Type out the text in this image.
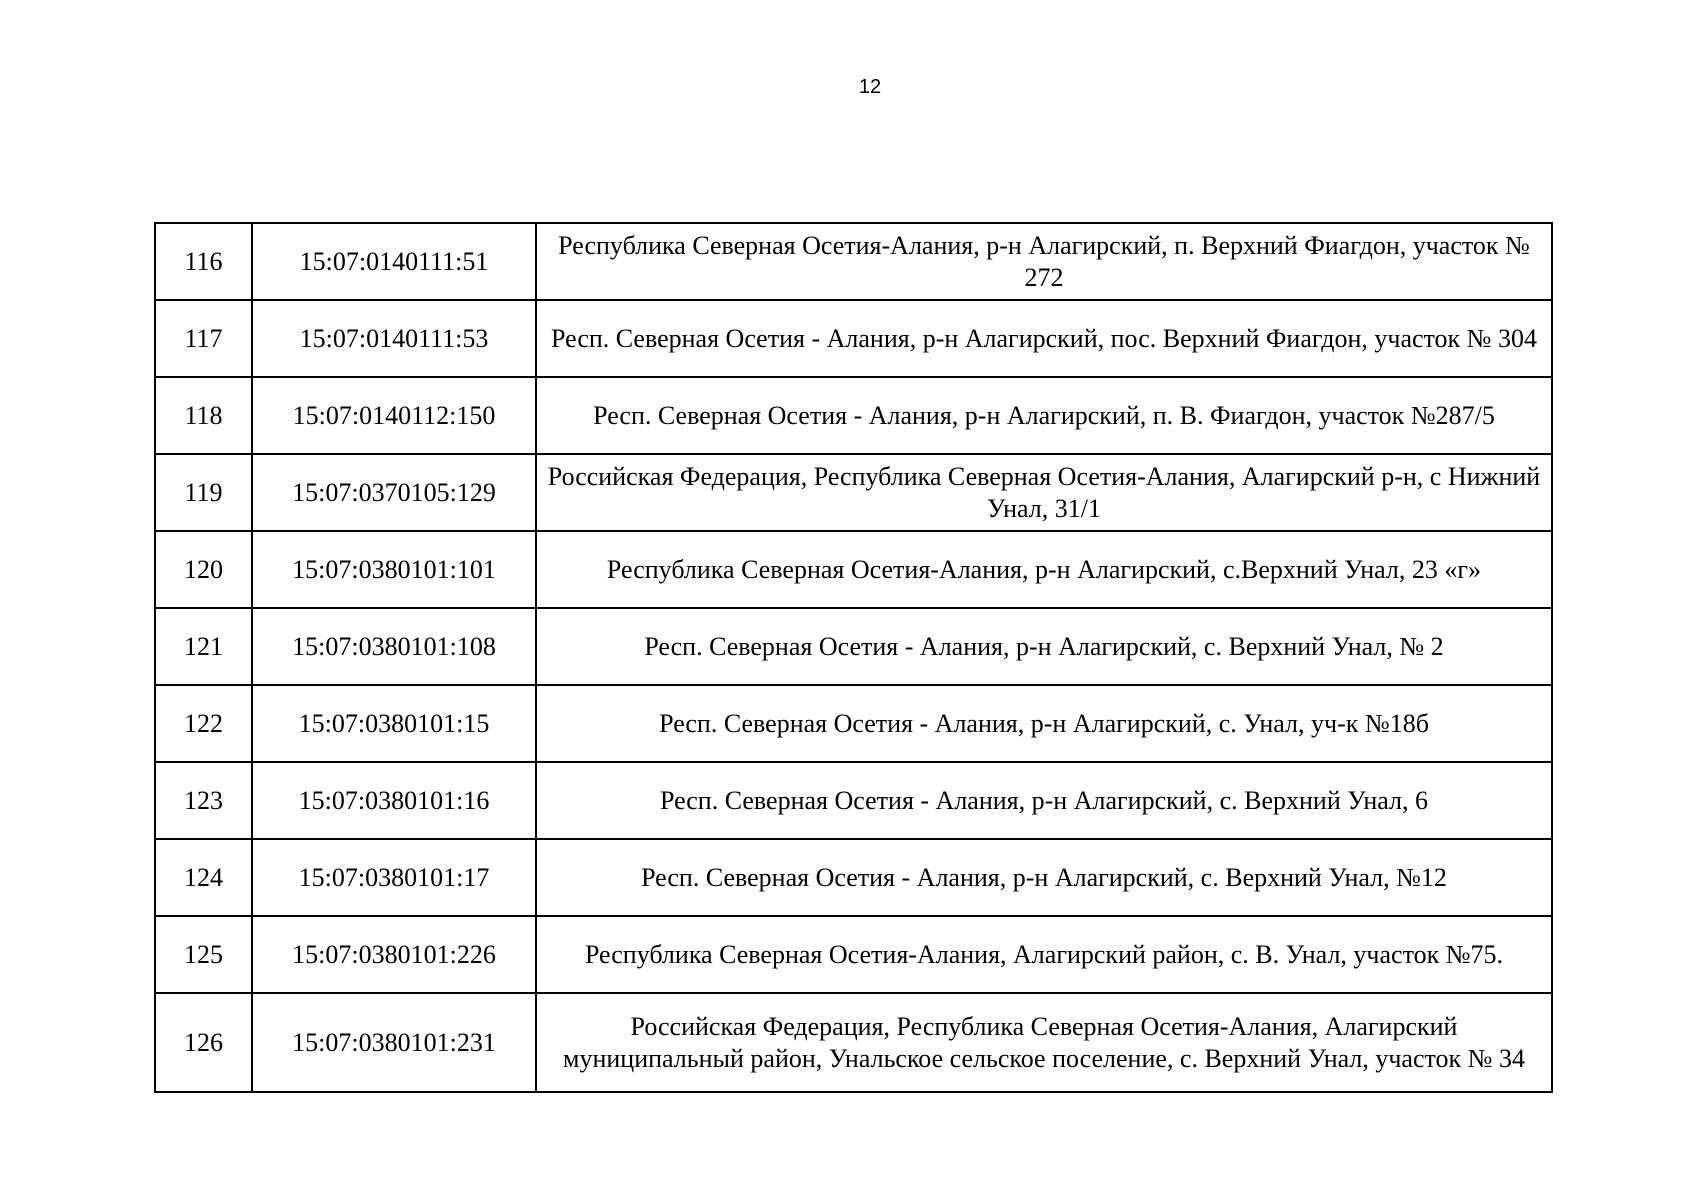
12
116	15:07:0140111:51	Республика Северная Осетия-Алания, р-н Алагирский, п. Верхний Фиагдон, участок № 272
117	15:07:0140111:53	Респ. Северная Осетия - Алания, р-н Алагирский, пос. Верхний Фиагдон, участок № 304
118	15:07:0140112:150	Респ. Северная Осетия - Алания, р-н Алагирский, п. В. Фиагдон, участок №287/5
119	15:07:0370105:129	Российская Федерация, Республика Северная Осетия-Алания, Алагирский р-н, с Нижний Унал, 31/1
120	15:07:0380101:101	Республика Северная Осетия-Алания, р-н Алагирский, с.Верхний Унал, 23 «г»
121	15:07:0380101:108	Респ. Северная Осетия - Алания, р-н Алагирский, с. Верхний Унал, № 2
122	15:07:0380101:15	Респ. Северная Осетия - Алания, р-н Алагирский, с. Унал, уч-к №18б
123	15:07:0380101:16	Респ. Северная Осетия - Алания, р-н Алагирский, с. Верхний Унал, 6
124	15:07:0380101:17	Респ. Северная Осетия - Алания, р-н Алагирский, с. Верхний Унал, №12
125	15:07:0380101:226	Республика Северная Осетия-Алания, Алагирский район, с. В. Унал, участок №75.
126	15:07:0380101:231	Российская Федерация, Республика Северная Осетия-Алания, Алагирский муниципальный район, Унальское сельское поселение, с. Верхний Унал, участок № 34
